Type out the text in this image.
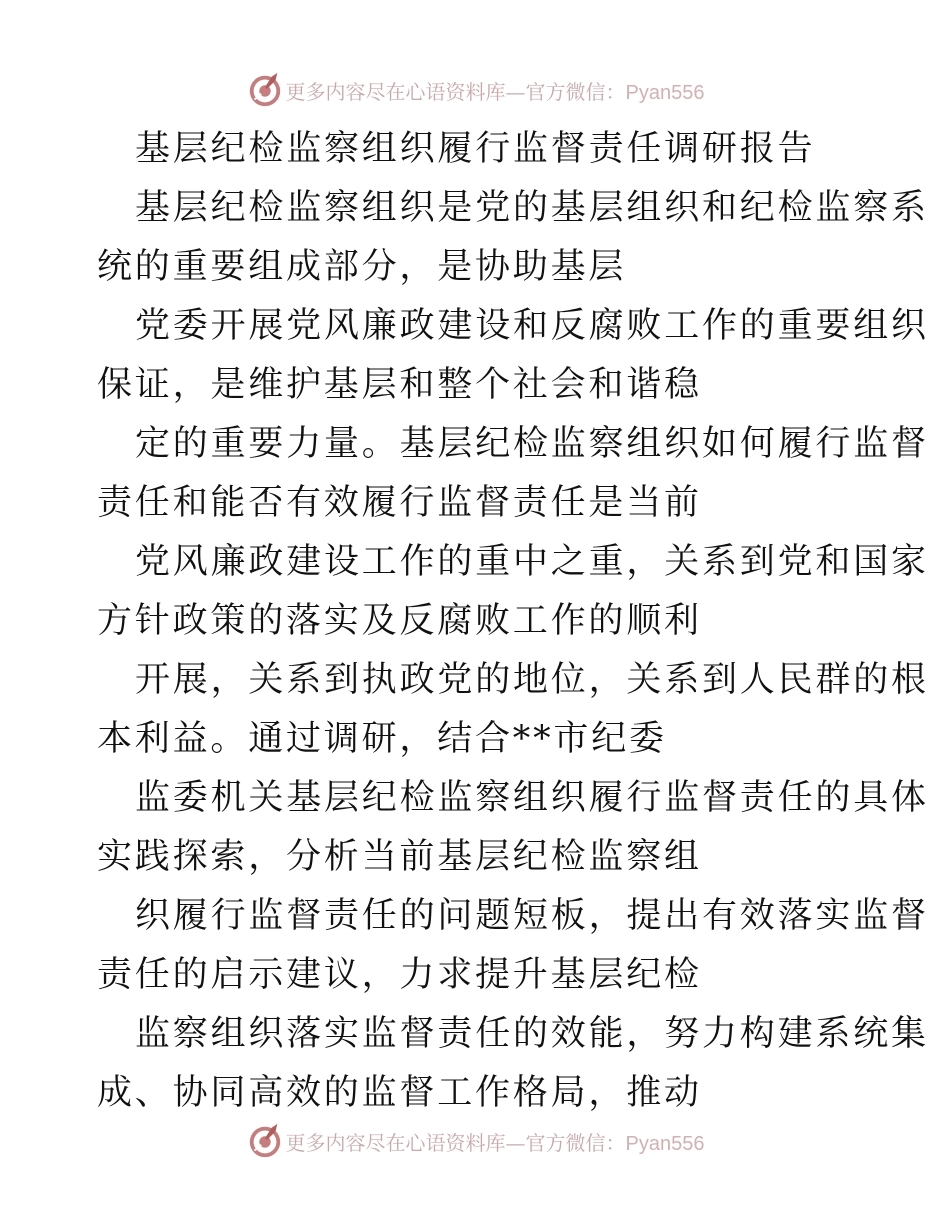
更多内容尽在心语资料库—官方微信：Pyan556
基层纪检监察组织履行监督责任调研报告
基层纪检监察组织是党的基层组织和纪检监察系
统的重要组成部分，是协助基层
党委开展党风廉政建设和反腐败工作的重要组织
保证，是维护基层和整个社会和谐稳
定的重要力量。基层纪检监察组织如何履行监督
责任和能否有效履行监督责任是当前
党风廉政建设工作的重中之重，关系到党和国家
方针政策的落实及反腐败工作的顺利
开展，关系到执政党的地位，关系到人民群的根
本利益。通过调研，结合**市纪委
监委机关基层纪检监察组织履行监督责任的具体
实践探索，分析当前基层纪检监察组
织履行监督责任的问题短板，提出有效落实监督
责任的启示建议，力求提升基层纪检
监察组织落实监督责任的效能，努力构建系统集
成、协同高效的监督工作格局，推动
更多内容尽在心语资料库—官方微信：Pyan556
